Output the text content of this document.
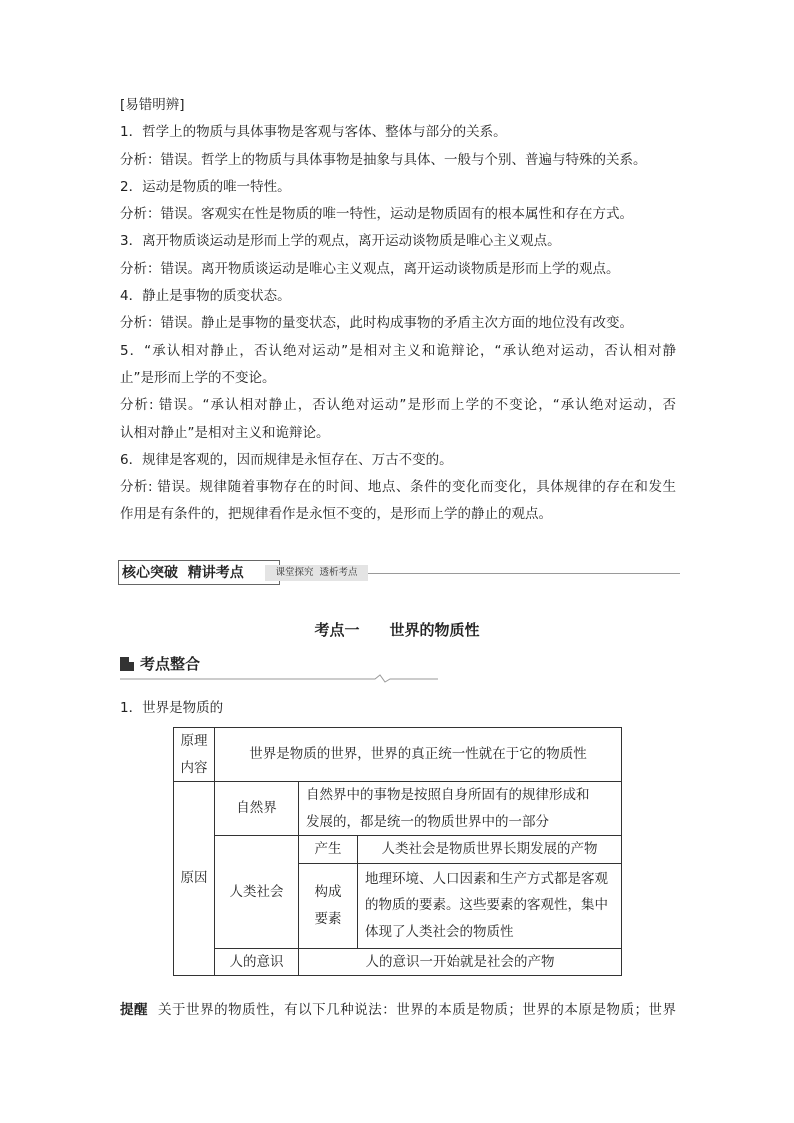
[易错明辨]
1．哲学上的物质与具体事物是客观与客体、整体与部分的关系。
分析：错误。哲学上的物质与具体事物是抽象与具体、一般与个别、普遍与特殊的关系。
2．运动是物质的唯一特性。
分析：错误。客观实在性是物质的唯一特性，运动是物质固有的根本属性和存在方式。
3．离开物质谈运动是形而上学的观点，离开运动谈物质是唯心主义观点。
分析：错误。离开物质谈运动是唯心主义观点，离开运动谈物质是形而上学的观点。
4．静止是事物的质变状态。
分析：错误。静止是事物的量变状态，此时构成事物的矛盾主次方面的地位没有改变。
5．“承认相对静止，否认绝对运动”是相对主义和诡辩论，“承认绝对运动，否认相对静
止”是形而上学的不变论。
分析: 错误。“承认相对静止，否认绝对运动”是形而上学的不变论，“承认绝对运动，否
认相对静止”是相对主义和诡辩论。
6．规律是客观的，因而规律是永恒存在、万古不变的。
分析: 错误。规律随着事物存在的时间、地点、条件的变化而变化，具体规律的存在和发生
作用是有条件的，把规律看作是永恒不变的，是形而上学的静止的观点。
核心突破  精讲考点	课堂探究  透析考点
考点一　　世界的物质性
考点整合
1．世界是物质的
原理
内容	世界是物质的世界，世界的真正统一性就在于它的物质性		

原因	自然界	自然界中的事物是按照自身所固有的规律形成和
发展的，都是统一的物质世界中的一部分	

	人类社会	产生	人类社会是物质世界长期发展的产物

		构成
要素	地理环境、人口因素和生产方式都是客观
的物质的要素。这些要素的客观性，集中
体现了人类社会的物质性

	人的意识	人的意识一开始就是社会的产物	
提醒 关于世界的物质性，有以下几种说法：世界的本质是物质；世界的本原是物质；世界
